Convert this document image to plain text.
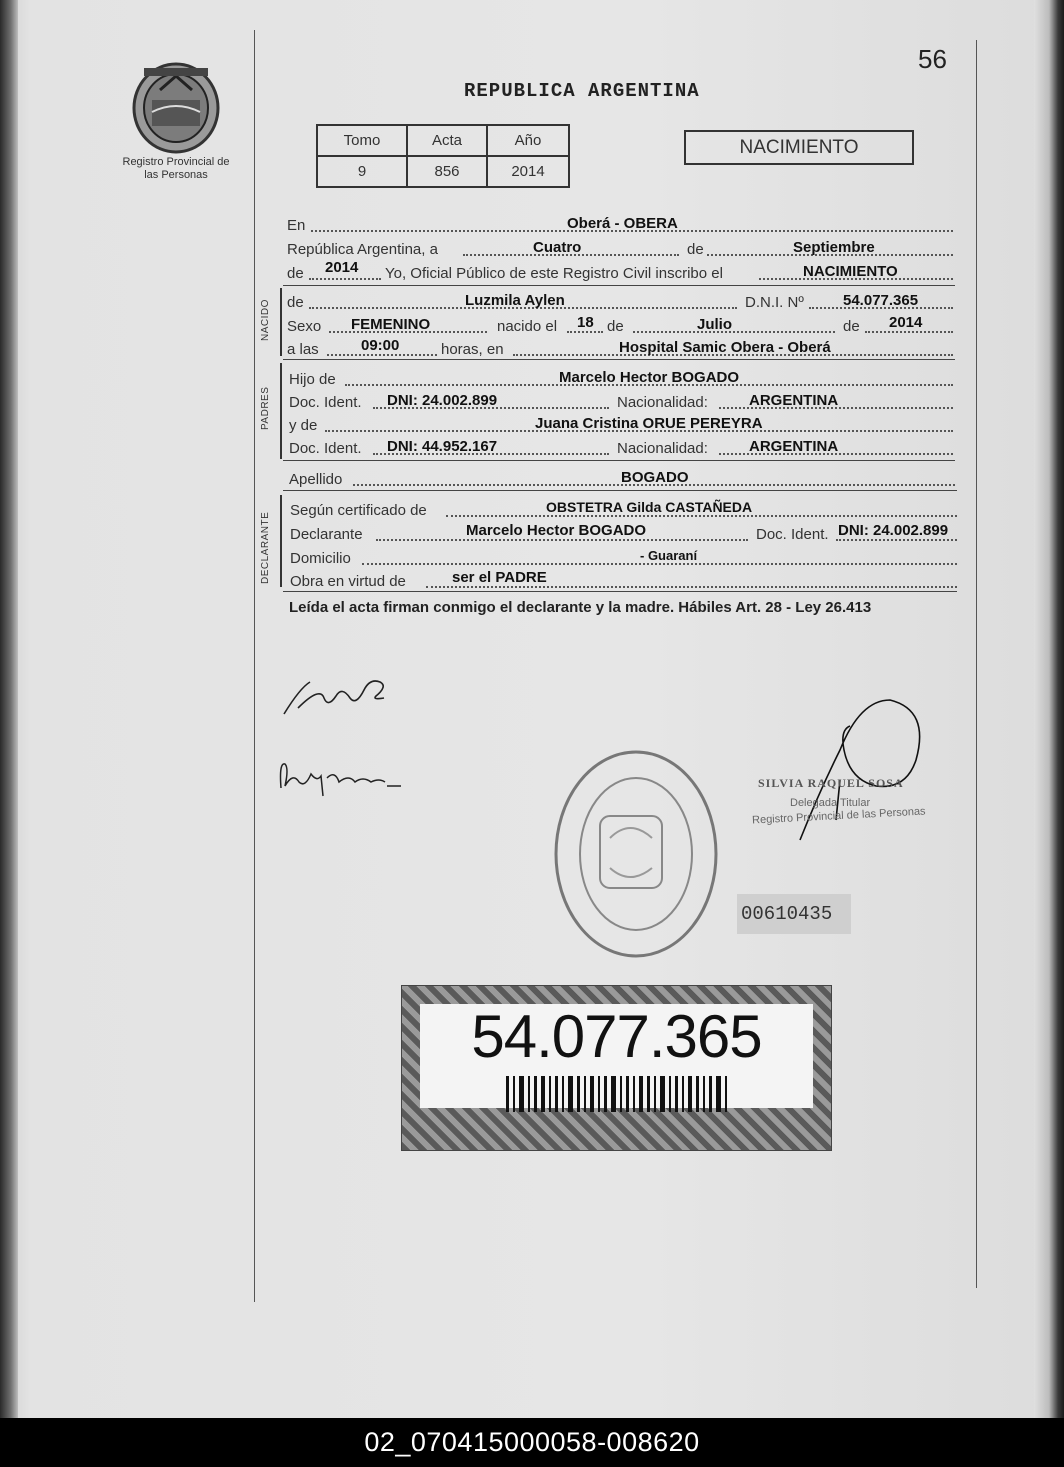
56
Registro Provincial de las Personas
REPUBLICA ARGENTINA
Tomo	Acta	Año
9	856	2014
NACIMIENTO
En	Oberá - OBERA
República Argentina, a	Cuatro	de	Septiembre
de 2014 Yo, Oficial Público de este Registro Civil inscribo el	NACIMIENTO
NACIDO de	Luzmila Aylen	D.N.I. Nº	54.077.365
Sexo FEMENINO	nacido el 18 de	Julio	de 2014
a las	09:00	horas, en	Hospital Samic Obera - Oberá
PADRES
Hijo de	Marcelo Hector BOGADO
Doc. Ident. DNI: 24.002.899	Nacionalidad:	ARGENTINA
y de	Juana Cristina ORUE PEREYRA
Doc. Ident. DNI: 44.952.167	Nacionalidad:	ARGENTINA
Apellido	BOGADO
DECLARANTE
Según certificado de	OBSTETRA Gilda CASTAÑEDA
Declarante	Marcelo Hector BOGADO	Doc. Ident. DNI: 24.002.899
Domicilio	- Guaraní
Obra en virtud de	ser el PADRE
Leída el acta firman conmigo el declarante y la madre. Hábiles Art. 28 - Ley 26.413
SILVIA RAQUEL SOSA
Delegada Titular
Registro Provincial de las Personas
00610435
54.077.365
02_070415000058-008620
